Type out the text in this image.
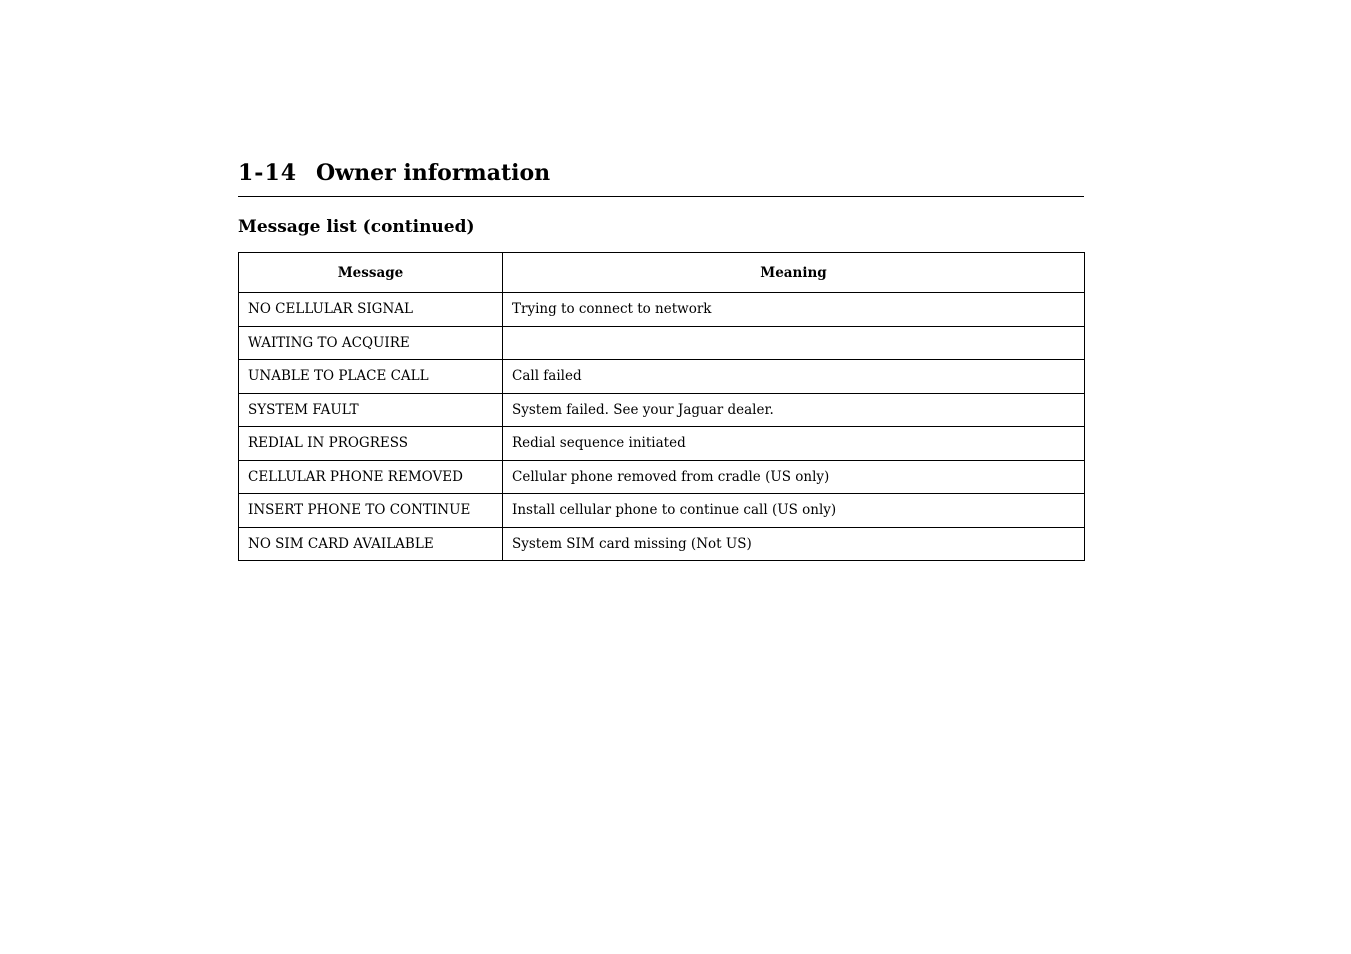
1-14 Owner information
Message list (continued)
Message	Meaning
NO CELLULAR SIGNAL	Trying to connect to network
WAITING TO ACQUIRE	
UNABLE TO PLACE CALL	Call failed
SYSTEM FAULT	System failed. See your Jaguar dealer.
REDIAL IN PROGRESS	Redial sequence initiated
CELLULAR PHONE REMOVED	Cellular phone removed from cradle (US only)
INSERT PHONE TO CONTINUE	Install cellular phone to continue call (US only)
NO SIM CARD AVAILABLE	System SIM card missing (Not US)
